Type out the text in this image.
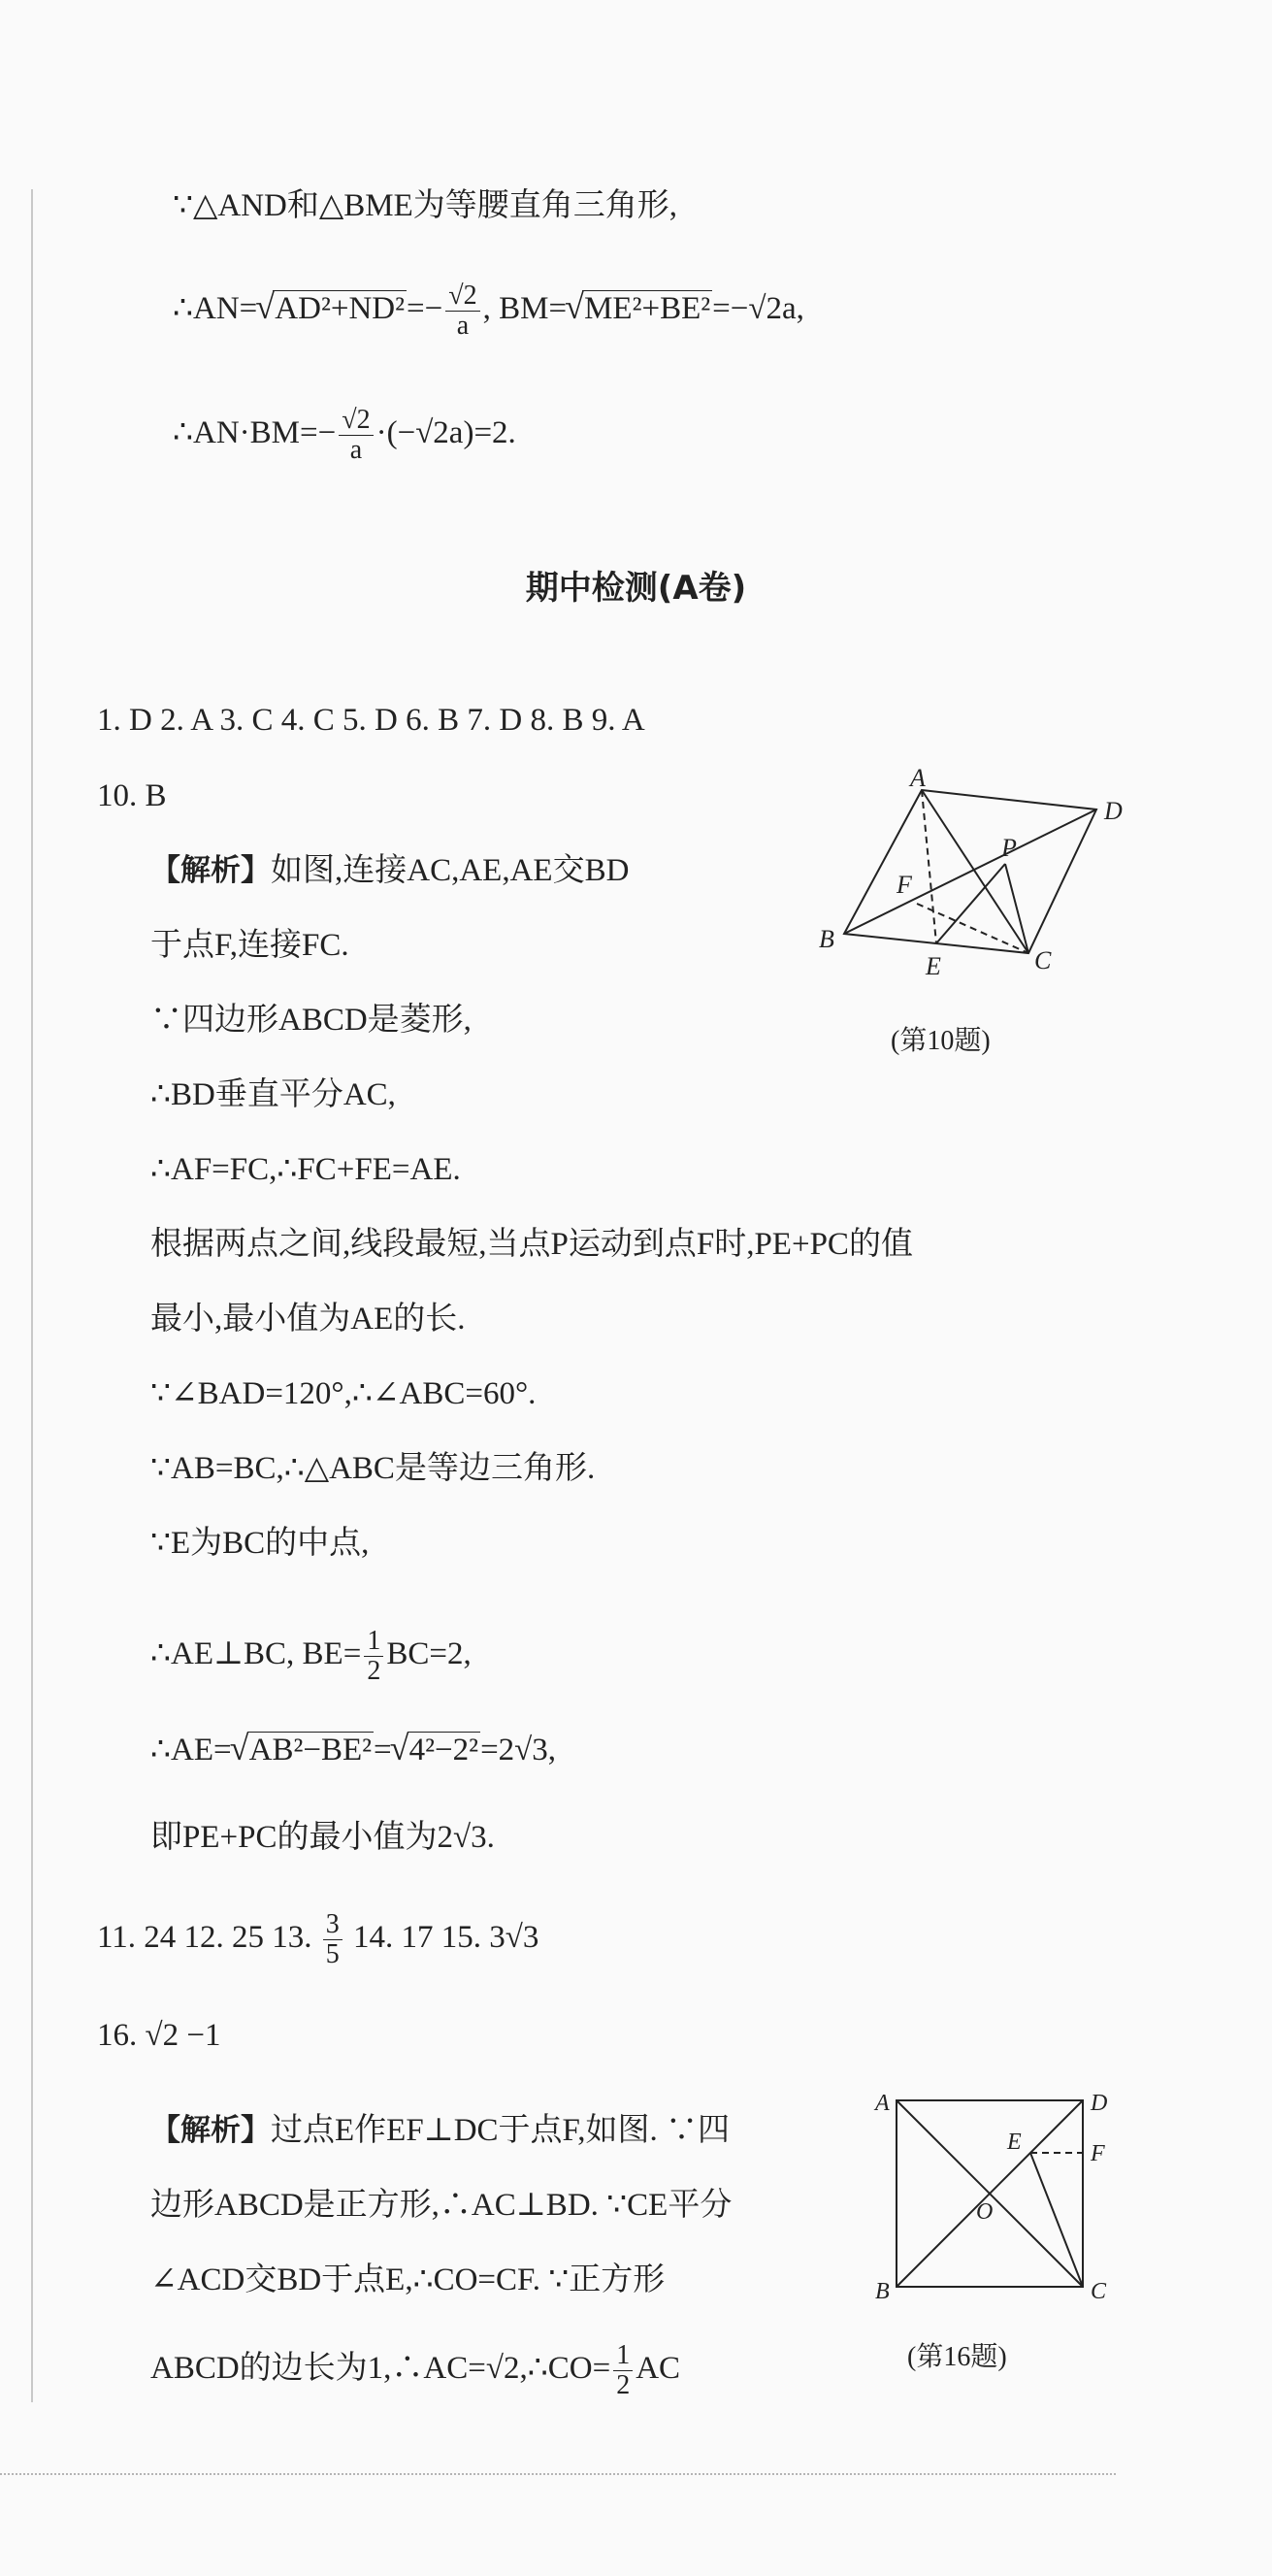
∵△AND和△BME为等腰直角三角形,
∴AN= √ $AD^2+ND^2=- \frac{√2}{a}$ , BM= √ ME²+BE²=−√2a,
∴AN·BM=− $\frac{√2}{a} \cdot(-√2a)=2$.
期中检测(A卷)
1. D 2. A 3. C 4. C 5. D 6. B 7. D 8. B 9. A
10. B
【解析】如图,连接AC,AE,AE交BD
于点F,连接FC.
∵四边形ABCD是菱形,
∴BD垂直平分AC,
∴AF=FC,∴FC+FE=AE.
根据两点之间,线段最短,当点P运动到点F时,PE+PC的值
最小,最小值为AE的长.
∵∠BAD=120°,∴∠ABC=60°.
∵AB=BC,∴△ABC是等边三角形.
∵E为BC的中点,
∴AE⊥BC, $BE= \frac{1}{2} BC=2$,
∴AE= √ AB²−BE²= √ 4²−2²=2√3,
即PE+PC的最小值为2√3.
A
D
B
C
E
F
P
(第10题)
11. 24 12. 25 13. $\frac{3}{5} 14$. 17 15. 3√3
16. √2 −1
【解析】过点E作EF⊥DC于点F,如图. ∵四
边形ABCD是正方形,∴AC⊥BD. ∵CE平分
∠ACD交BD于点E,∴CO=CF. ∵正方形
ABCD的边长为1,∴AC=√2,∴CO= $\frac{1}{2}$ AC
A	D
B	C
E	F
O
(第16题)
